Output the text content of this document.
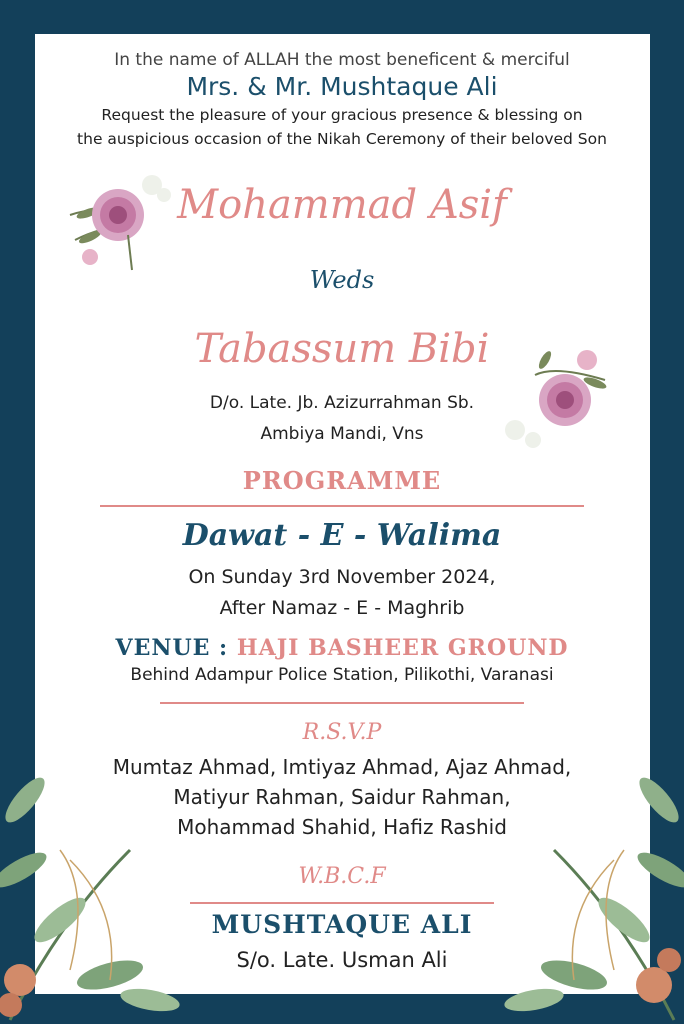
In the name of ALLAH the most beneficent & merciful
Mrs. & Mr. Mushtaque Ali
Request the pleasure of your gracious presence & blessing on
the auspicious occasion of the Nikah Ceremony of their beloved Son
Mohammad Asif
Weds
Tabassum Bibi
D/o. Late. Jb. Azizurrahman Sb.
Ambiya Mandi, Vns
PROGRAMME
Dawat - E - Walima
On Sunday 3rd November 2024,
After Namaz - E - Maghrib
VENUE : HAJI BASHEER GROUND
Behind Adampur Police Station, Pilikothi, Varanasi
R.S.V.P
Mumtaz Ahmad, Imtiyaz Ahmad, Ajaz Ahmad,
Matiyur Rahman, Saidur Rahman,
Mohammad Shahid, Hafiz Rashid
W.B.C.F
MUSHTAQUE ALI
S/o. Late. Usman Ali
